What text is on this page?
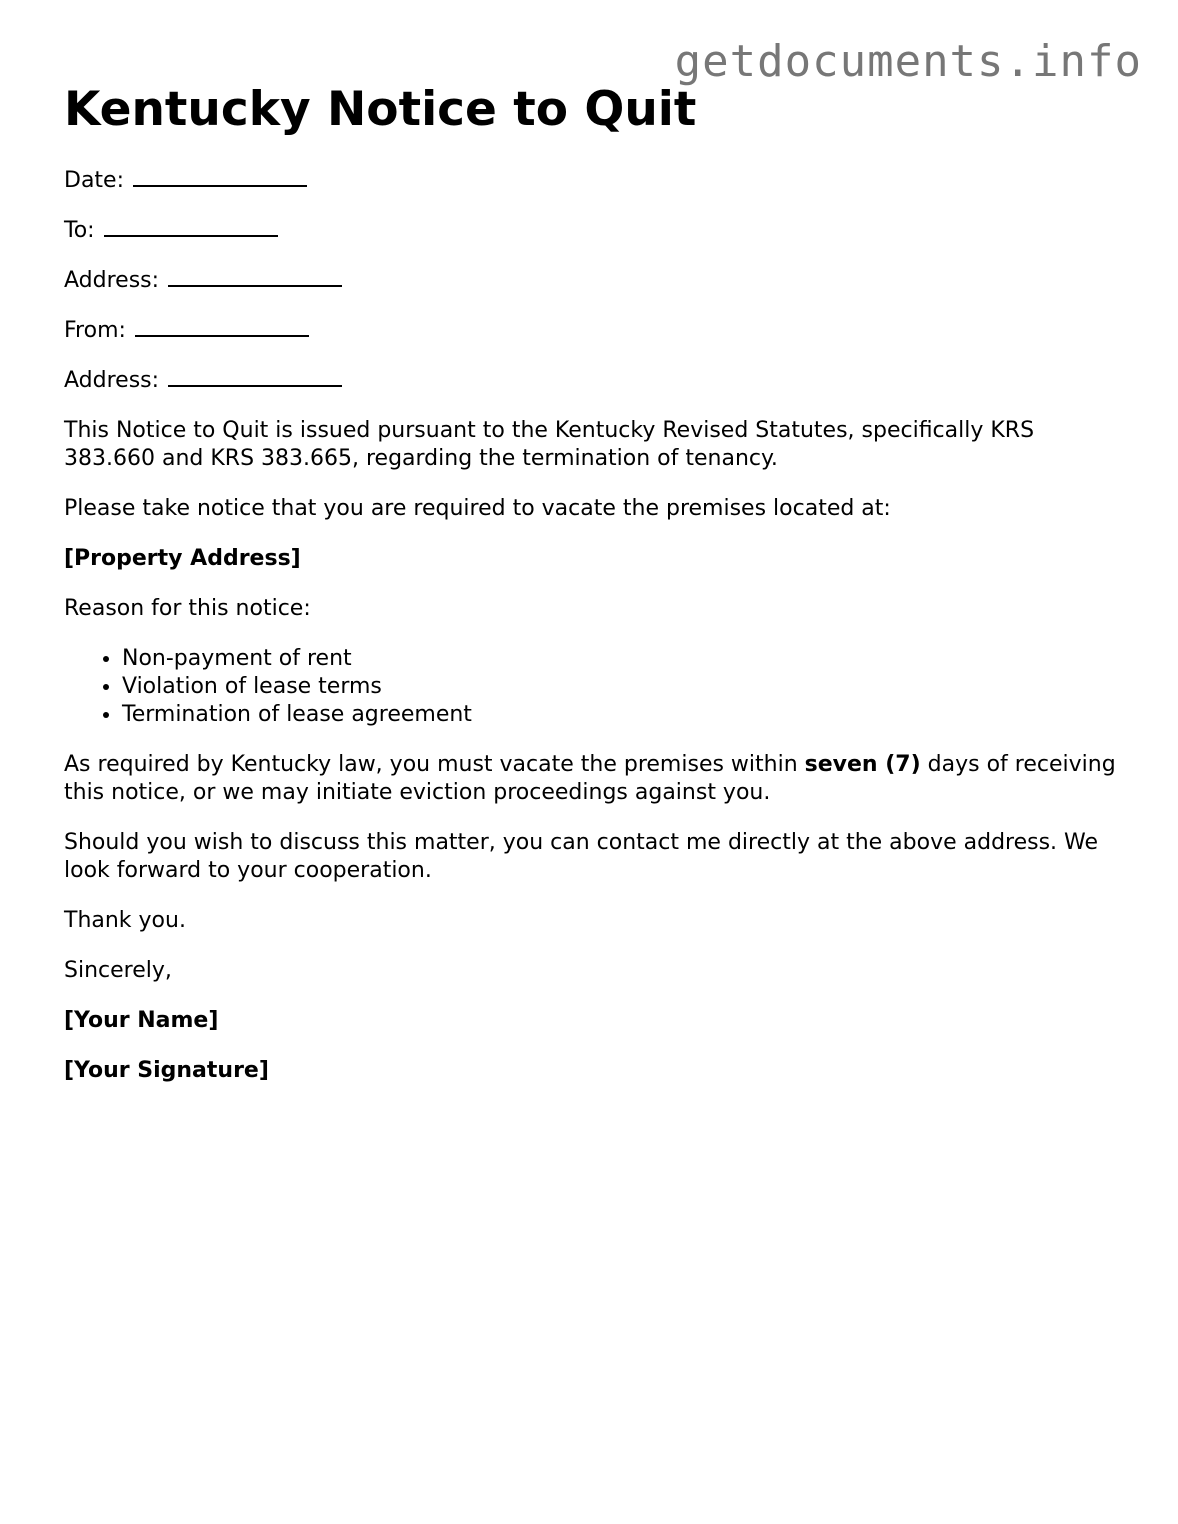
getdocuments.info
Kentucky Notice to Quit
Date:
To:
Address:
From:
Address:

This Notice to Quit is issued pursuant to the Kentucky Revised Statutes, specifically KRS 383.660 and KRS 383.665, regarding the termination of tenancy.

Please take notice that you are required to vacate the premises located at:

[Property Address]

Reason for this notice:

• Non-payment of rent
• Violation of lease terms
• Termination of lease agreement

As required by Kentucky law, you must vacate the premises within seven (7) days of receiving this notice, or we may initiate eviction proceedings against you.

Should you wish to discuss this matter, you can contact me directly at the above address. We look forward to your cooperation.

Thank you.

Sincerely,

[Your Name]

[Your Signature]
